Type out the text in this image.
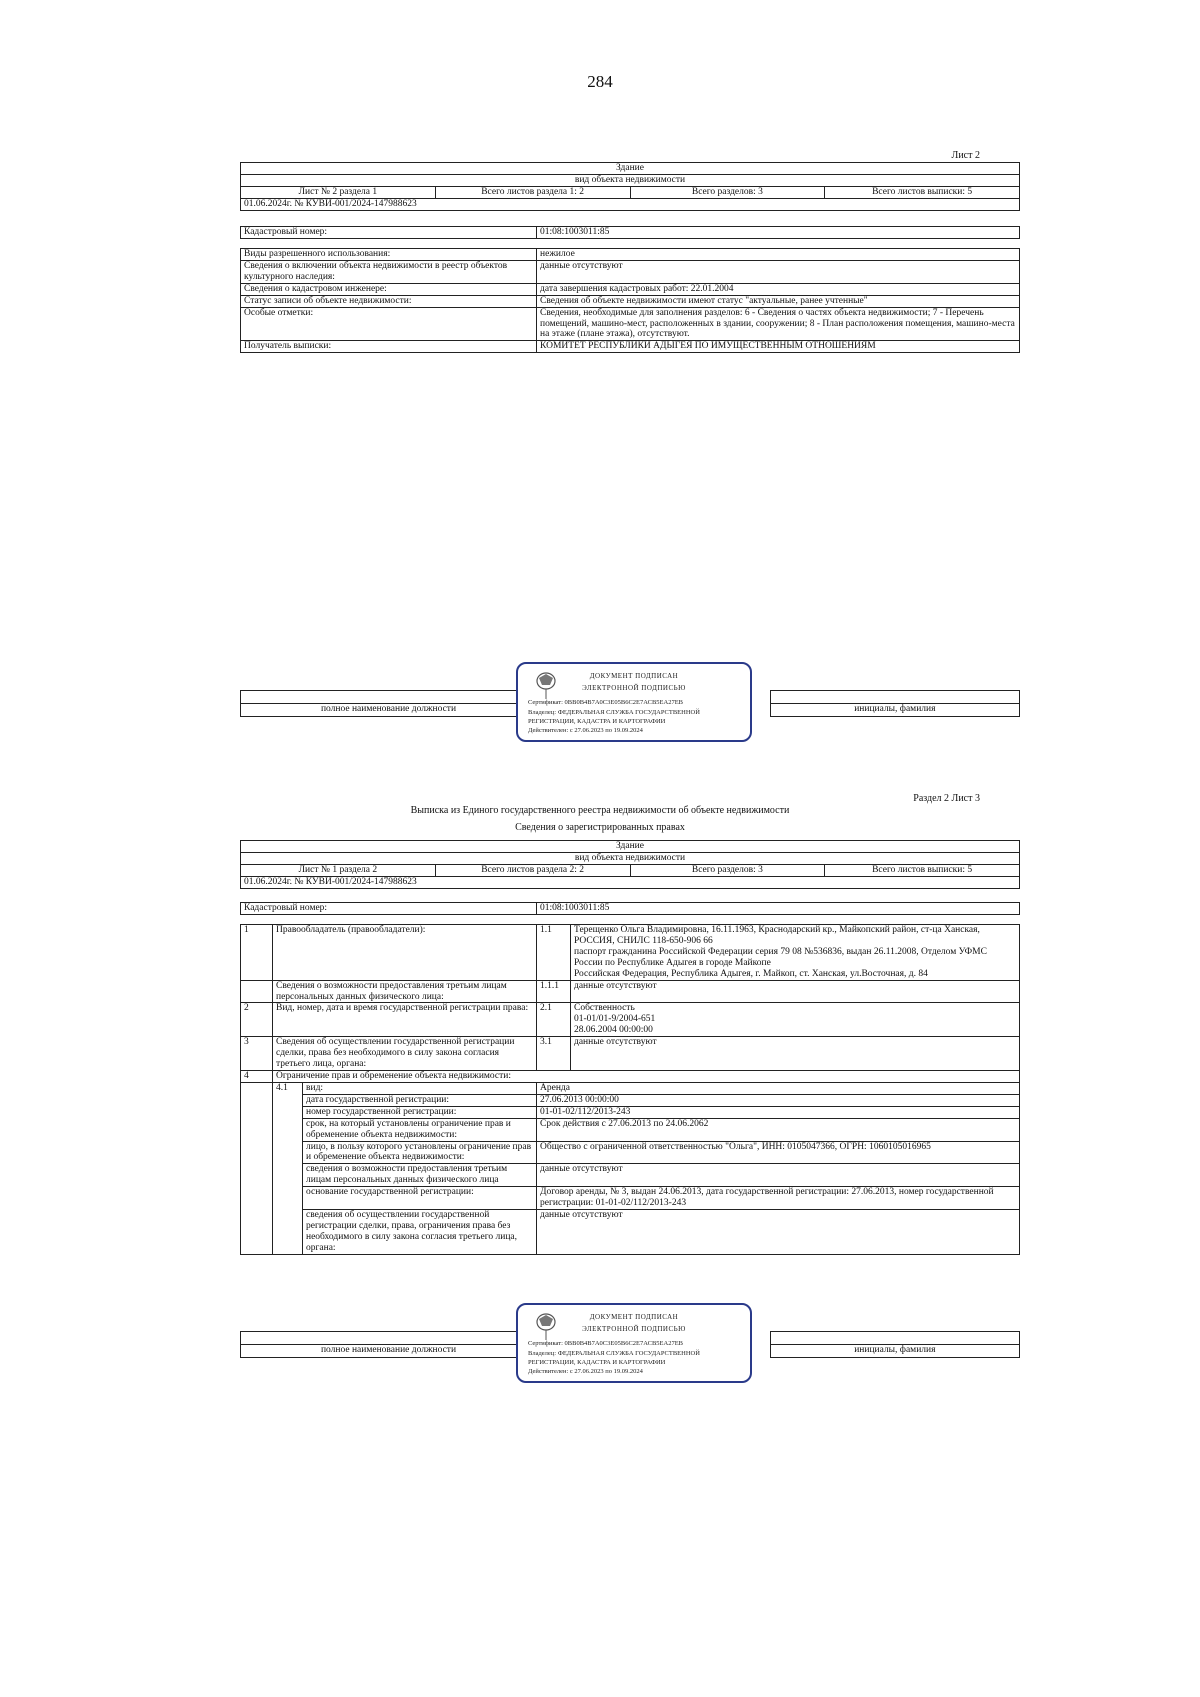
284
Лист 2
Здание
вид объекта недвижимости
Лист № 2 раздела 1	Всего листов раздела 1: 2	Всего разделов: 3	Всего листов выписки: 5
01.06.2024г. № КУВИ-001/2024-147988623
Кадастровый номер:	01:08:1003011:85
Виды разрешенного использования:	нежилое
Сведения о включении объекта недвижимости в реестр объектов культурного наследия:	данные отсутствуют
Сведения о кадастровом инженере:	дата завершения кадастровых работ: 22.01.2004
Статус записи об объекте недвижимости:	Сведения об объекте недвижимости имеют статус "актуальные, ранее учтенные"
Особые отметки:	Сведения, необходимые для заполнения разделов: 6 - Сведения о частях объекта недвижимости; 7 - Перечень помещений, машино-мест, расположенных в здании, сооружении; 8 - План расположения помещения, машино-места на этаже (плане этажа), отсутствуют.
Получатель выписки:	КОМИТЕТ РЕСПУБЛИКИ АДЫГЕЯ ПО ИМУЩЕСТВЕННЫМ ОТНОШЕНИЯМ

полное наименование должности		инициалы, фамилия
ДОКУМЕНТ ПОДПИСАН
ЭЛЕКТРОННОЙ ПОДПИСЬЮ
Сертификат: 0ВВ0В4В7А0С3Е05В6С2Е7АСВ5ЕА27ЕВ
Владелец: ФЕДЕРАЛЬНАЯ СЛУЖБА ГОСУДАРСТВЕННОЙ
РЕГИСТРАЦИИ, КАДАСТРА И КАРТОГРАФИИ
Действителен: с 27.06.2023 по 19.09.2024
Раздел 2 Лист 3
Выписка из Единого государственного реестра недвижимости об объекте недвижимости
Сведения о зарегистрированных правах
Здание
вид объекта недвижимости
Лист № 1 раздела 2	Всего листов раздела 2: 2	Всего разделов: 3	Всего листов выписки: 5
01.06.2024г. № КУВИ-001/2024-147988623
Кадастровый номер:	01:08:1003011:85
1	Правообладатель (правообладатели):		1.1	Терещенко Ольга Владимировна, 16.11.1963, Краснодарский кр., Майкопский район, ст-ца Ханская, РОССИЯ, СНИЛС 118-650-906 66
паспорт гражданина Российской Федерации серия 79 08 №536836, выдан 26.11.2008, Отделом УФМС России по Республике Адыгея в городе Майкопе
Российская Федерация, Республика Адыгея, г. Майкоп, ст. Ханская, ул.Восточная, д. 84

	Сведения о возможности предоставления третьим лицам персональных данных физического лица:		1.1.1	данные отсутствуют
2	Вид, номер, дата и время государственной регистрации права:		2.1	Собственность
01-01/01-9/2004-651
28.06.2004 00:00:00

3	Сведения об осуществлении государственной регистрации сделки, права без необходимого в силу закона согласия третьего лица, органа:		3.1	данные отсутствуют
4	Ограничение прав и обременение объекта недвижимости:			
	4.1	вид:	Аренда	
		дата государственной регистрации:	27.06.2013 00:00:00	
		номер государственной регистрации:	01-01-02/112/2013-243	
		срок, на который установлены ограничение прав и обременение объекта недвижимости:	Срок действия с 27.06.2013 по 24.06.2062	
		лицо, в пользу которого установлены ограничение прав и обременение объекта недвижимости:	Общество с ограниченной ответственностью "Ольга", ИНН: 0105047366, ОГРН: 1060105016965	
		сведения о возможности предоставления третьим лицам персональных данных физического лица	данные отсутствуют	
		основание государственной регистрации:	Договор аренды, № 3, выдан 24.06.2013, дата государственной регистрации: 27.06.2013, номер государственной регистрации: 01-01-02/112/2013-243	
		сведения об осуществлении государственной регистрации сделки, права, ограничения права без необходимого в силу закона согласия третьего лица, органа:	данные отсутствуют	

полное наименование должности		инициалы, фамилия
ДОКУМЕНТ ПОДПИСАН
ЭЛЕКТРОННОЙ ПОДПИСЬЮ
Сертификат: 0ВВ0В4В7А0С3Е05В6С2Е7АСВ5ЕА27ЕВ
Владелец: ФЕДЕРАЛЬНАЯ СЛУЖБА ГОСУДАРСТВЕННОЙ
РЕГИСТРАЦИИ, КАДАСТРА И КАРТОГРАФИИ
Действителен: с 27.06.2023 по 19.09.2024
